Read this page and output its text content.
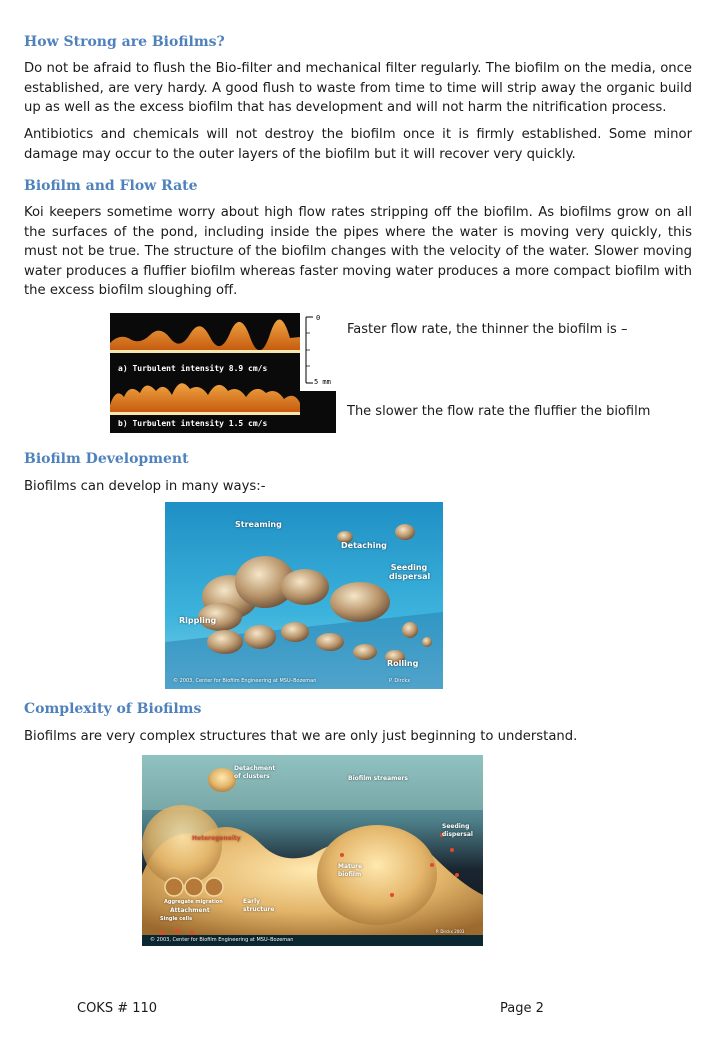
How Strong are Biofilms?

Do not be afraid to flush the Bio-filter and mechanical filter regularly. The biofilm on the media, once established, are very hardy. A good flush to waste from time to time will strip away the organic build up as well as the excess biofilm that has development and will not harm the nitrification process.

Antibiotics and chemicals will not destroy the biofilm once it is firmly established. Some minor damage may occur to the outer layers of the biofilm but it will recover very quickly.

Biofilm and Flow Rate

Koi keepers sometime worry about high flow rates stripping off the biofilm. As biofilms grow on all the surfaces of the pond, including inside the pipes where the water is moving very quickly, this must not be true. The structure of the biofilm changes with the velocity of the water. Slower moving water produces a fluffier biofilm whereas faster moving water produces a more compact biofilm with the excess biofilm sloughing off.

a) Turbulent intensity 8.9 cm/s
b) Turbulent intensity 1.5 cm/s
0
5 mm

Faster flow rate, the thinner the biofilm is –

The slower the flow rate the fluffier the biofilm

Biofilm Development

Biofilms can develop in many ways:-

Streaming
Detaching
Seeding dispersal
Rippling
Rolling
© 2003, Center for Biofilm Engineering at MSU–Bozeman	P. Dirckx
Complexity of Biofilms

Biofilms are very complex structures that we are only just beginning to understand.

Detachment of clusters	Biofilm streamers
Heterogeneity
Seeding dispersal
Mature biofilm
Early structure
Aggregate migration
Attachment
Single cells
© 2003, Center for Biofilm Engineering at MSU–Bozeman
P. Dirckx 2003
COKS # 110	Page 2
